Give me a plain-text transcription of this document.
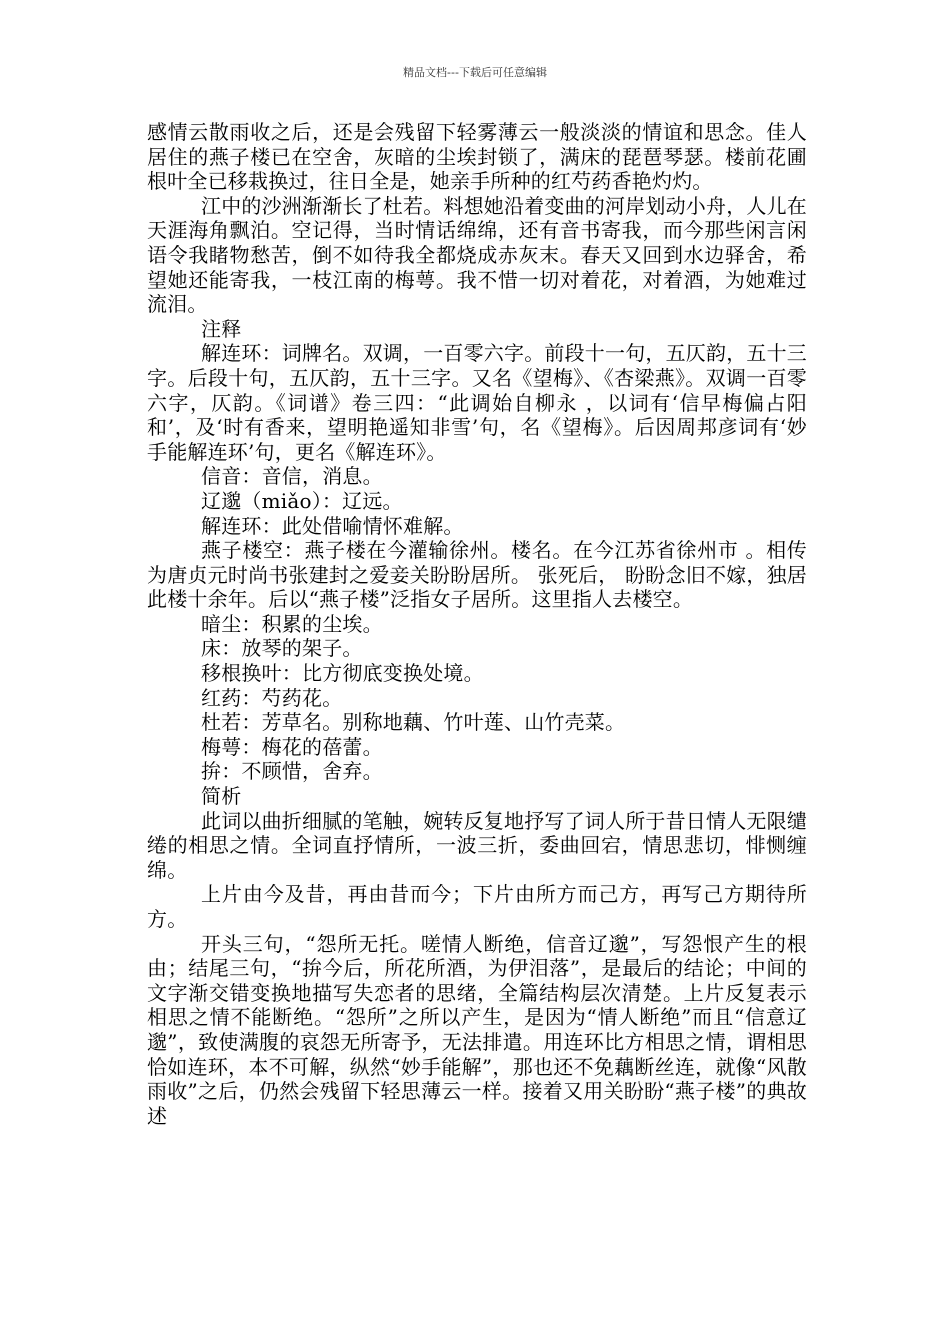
精品文档---下载后可任意编辑

感情云散雨收之后，还是会残留下轻雾薄云一般淡淡的情谊和思念。佳人居住的燕子楼已在空舍，灰暗的尘埃封锁了，满床的琵琶琴瑟。楼前花圃根叶全已移栽换过，往日全是，她亲手所种的红芍药香艳灼灼。

江中的沙洲渐渐长了杜若。料想她沿着变曲的河岸划动小舟，人儿在天涯海角飘泊。空记得，当时情话绵绵，还有音书寄我，而今那些闲言闲语令我睹物愁苦，倒不如待我全都烧成赤灰末。春天又回到水边驿舍，希望她还能寄我，一枝江南的梅萼。我不惜一切对着花，对着酒，为她难过流泪。

注释

解连环：词牌名。双调，一百零六字。前段十一句，五仄韵，五十三字。后段十句，五仄韵，五十三字。又名《望梅》、《杏梁燕》。双调一百零六字，仄韵。《词谱》卷三四：“此调始自柳永 ，以词有‘信早梅偏占阳和’，及‘时有香来，望明艳遥知非雪’句，名《望梅》。后因周邦彦词有‘妙手能解连环’句，更名《解连环》。

信音：音信，消息。

辽邈（miǎo）：辽远。

解连环：此处借喻情怀难解。

燕子楼空：燕子楼在今灌输徐州。楼名。在今江苏省徐州市 。相传为唐贞元时尚书张建封之爱妾关盼盼居所。 张死后， 盼盼念旧不嫁，独居此楼十余年。后以“燕子楼”泛指女子居所。这里指人去楼空。

暗尘：积累的尘埃。

床：放琴的架子。

移根换叶：比方彻底变换处境。

红药：芍药花。

杜若：芳草名。别称地藕、竹叶莲、山竹壳菜。

梅萼：梅花的蓓蕾。

拚：不顾惜，舍弃。

简析

此词以曲折细腻的笔触，婉转反复地抒写了词人所于昔日情人无限缱绻的相思之情。全词直抒情所，一波三折，委曲回宕，情思悲切，悱恻缠绵。

上片由今及昔，再由昔而今；下片由所方而己方，再写己方期待所方。

开头三句，“怨所无托。嗟情人断绝，信音辽邈”，写怨恨产生的根由；结尾三句，“拚今后，所花所酒，为伊泪落”，是最后的结论；中间的文字渐交错变换地描写失恋者的思绪，全篇结构层次清楚。上片反复表示相思之情不能断绝。“怨所”之所以产生，是因为“情人断绝”而且“信意辽邈”，致使满腹的哀怨无所寄予，无法排遣。用连环比方相思之情，谓相思恰如连环，本不可解，纵然“妙手能解”，那也还不免藕断丝连，就像“风散雨收”之后，仍然会残留下轻思薄云一样。接着又用关盼盼“燕子楼”的典故述
